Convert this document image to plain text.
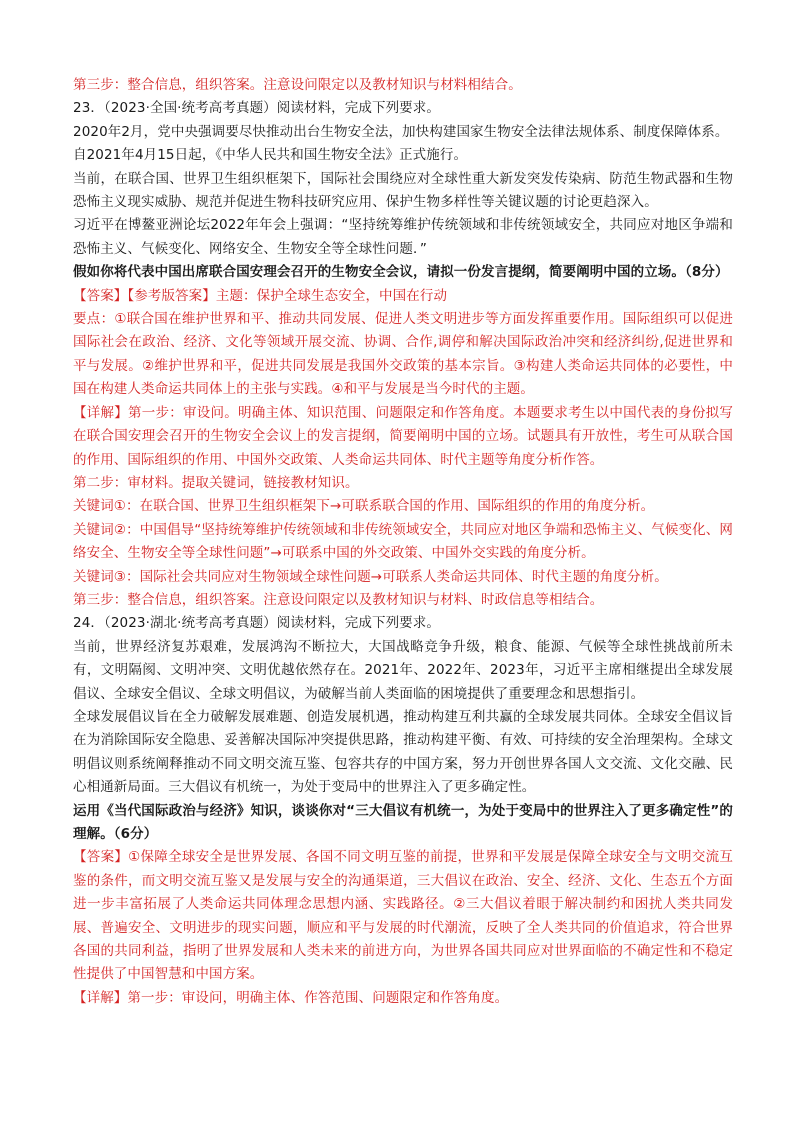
第三步：整合信息，组织答案。注意设问限定以及教材知识与材料相结合。

23．（2023·全国·统考高考真题）阅读材料，完成下列要求。

2020年2月，党中央强调要尽快推动出台生物安全法，加快构建国家生物安全法律法规体系、制度保障体系。

自2021年4月15日起，《中华人民共和国生物安全法》正式施行。

当前，在联合国、世界卫生组织框架下，国际社会围绕应对全球性重大新发突发传染病、防范生物武器和生物恐怖主义现实威胁、规范并促进生物科技研究应用、保护生物多样性等关键议题的讨论更趋深入。

习近平在博鳌亚洲论坛2022年年会上强调：“坚持统筹维护传统领域和非传统领域安全，共同应对地区争端和恐怖主义、气候变化、网络安全、生物安全等全球性问题．”

假如你将代表中国出席联合国安理会召开的生物安全会议，请拟一份发言提纲，简要阐明中国的立场。（8分）

【答案】【参考版答案】主题：保护全球生态安全，中国在行动

要点：①联合国在维护世界和平、推动共同发展、促进人类文明进步等方面发挥重要作用。国际组织可以促进国际社会在政治、经济、文化等领域开展交流、协调、合作,调停和解决国际政治冲突和经济纠纷,促进世界和平与发展。②维护世界和平，促进共同发展是我国外交政策的基本宗旨。③构建人类命运共同体的必要性，中国在构建人类命运共同体上的主张与实践。④和平与发展是当今时代的主题。

【详解】第一步：审设问。明确主体、知识范围、问题限定和作答角度。本题要求考生以中国代表的身份拟写在联合国安理会召开的生物安全会议上的发言提纲，简要阐明中国的立场。试题具有开放性，考生可从联合国的作用、国际组织的作用、中国外交政策、人类命运共同体、时代主题等角度分析作答。

第二步：审材料。提取关键词，链接教材知识。

关键词①：在联合国、世界卫生组织框架下→可联系联合国的作用、国际组织的作用的角度分析。

关键词②：中国倡导“坚持统筹维护传统领域和非传统领域安全，共同应对地区争端和恐怖主义、气候变化、网络安全、生物安全等全球性问题”→可联系中国的外交政策、中国外交实践的角度分析。

关键词③：国际社会共同应对生物领域全球性问题→可联系人类命运共同体、时代主题的角度分析。

第三步：整合信息，组织答案。注意设问限定以及教材知识与材料、时政信息等相结合。

24．（2023·湖北·统考高考真题）阅读材料，完成下列要求。

当前，世界经济复苏艰难，发展鸿沟不断拉大，大国战略竞争升级，粮食、能源、气候等全球性挑战前所未有，文明隔阂、文明冲突、文明优越依然存在。2021年、2022年、2023年，习近平主席相继提出全球发展倡议、全球安全倡议、全球文明倡议，为破解当前人类面临的困境提供了重要理念和思想指引。

全球发展倡议旨在全力破解发展难题、创造发展机遇，推动构建互利共赢的全球发展共同体。全球安全倡议旨在为消除国际安全隐患、妥善解决国际冲突提供思路，推动构建平衡、有效、可持续的安全治理架构。全球文明倡议则系统阐释推动不同文明交流互鉴、包容共存的中国方案，努力开创世界各国人文交流、文化交融、民心相通新局面。三大倡议有机统一，为处于变局中的世界注入了更多确定性。

运用《当代国际政治与经济》知识，谈谈你对“三大倡议有机统一，为处于变局中的世界注入了更多确定性”的理解。（6分）

【答案】①保障全球安全是世界发展、各国不同文明互鉴的前提，世界和平发展是保障全球安全与文明交流互鉴的条件，而文明交流互鉴又是发展与安全的沟通渠道，三大倡议在政治、安全、经济、文化、生态五个方面进一步丰富拓展了人类命运共同体理念思想内涵、实践路径。②三大倡议着眼于解决制约和困扰人类共同发展、普遍安全、文明进步的现实问题，顺应和平与发展的时代潮流，反映了全人类共同的价值追求，符合世界各国的共同利益，指明了世界发展和人类未来的前进方向，为世界各国共同应对世界面临的不确定性和不稳定性提供了中国智慧和中国方案。

【详解】第一步：审设问，明确主体、作答范围、问题限定和作答角度。
